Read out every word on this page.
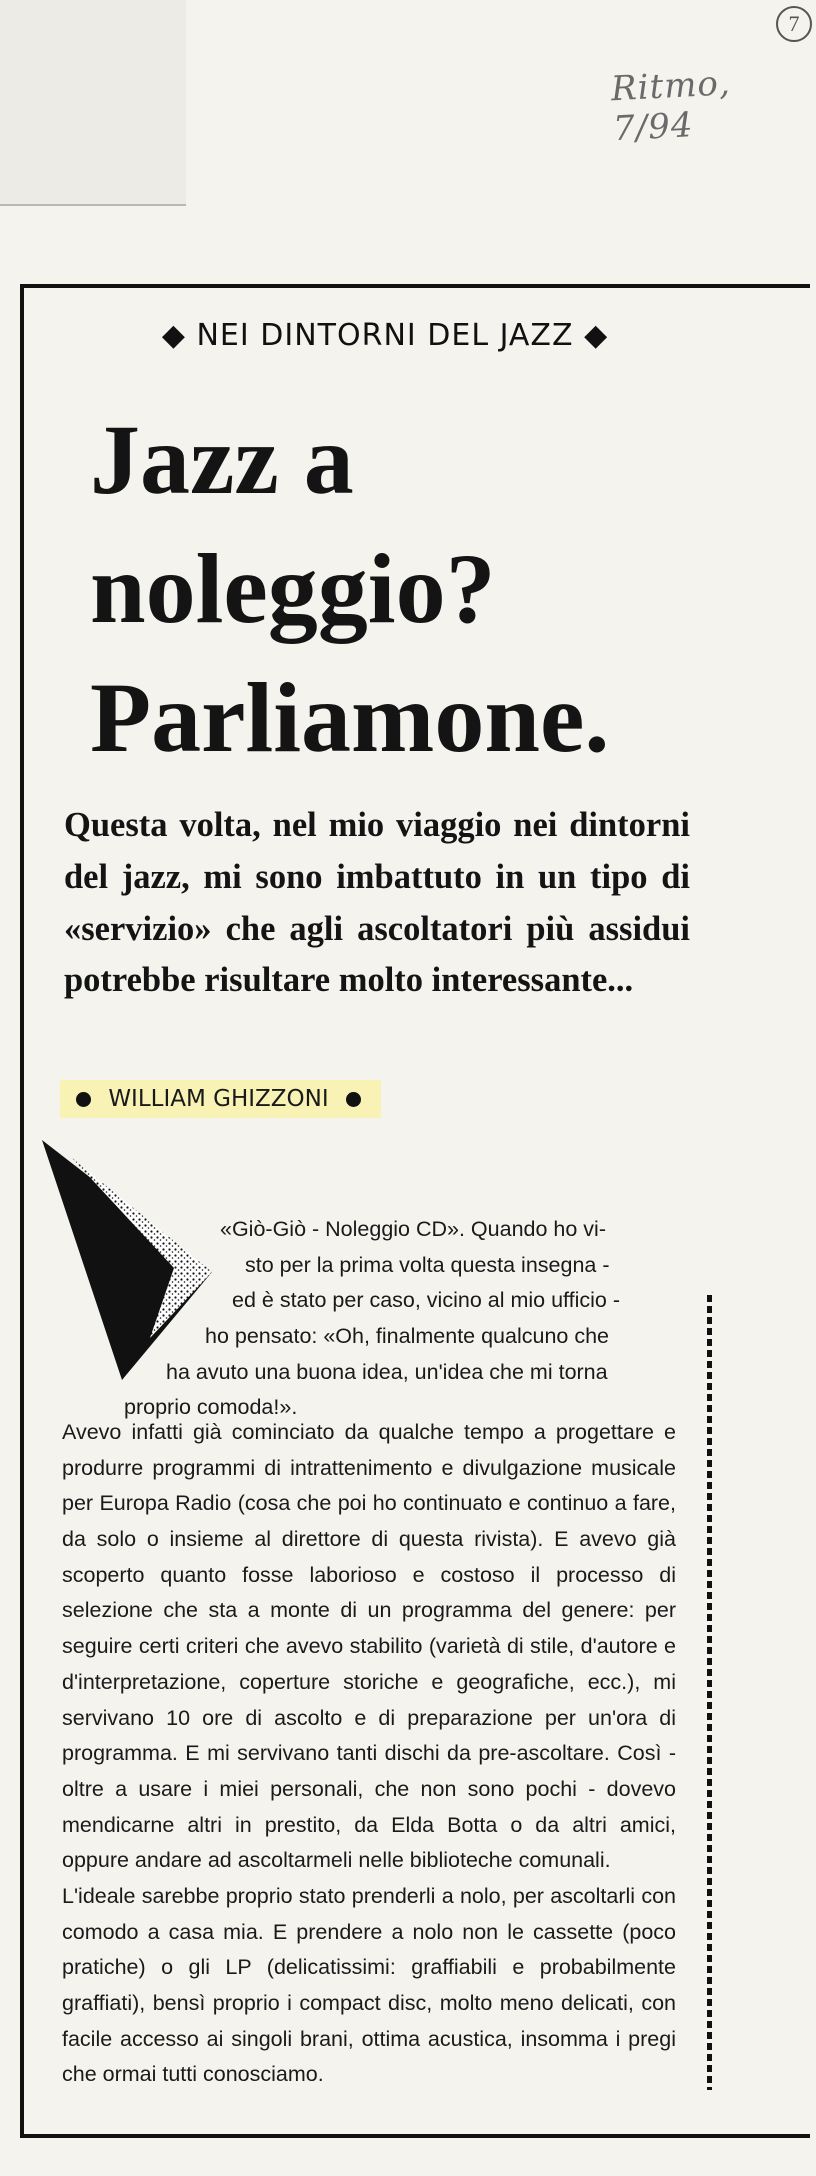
7
Ritmo, 7/94
◆ NEI DINTORNI DEL JAZZ ◆
Jazz a
noleggio?
Parliamone.

Questa volta, nel mio viaggio nei dintorni del jazz, mi sono imbattuto in un tipo di «servizio» che agli ascoltatori più assidui potrebbe risultare molto interessante...

WILLIAM GHIZZONI
«Giò-Giò - Noleggio CD». Quando ho vi-
sto per la prima volta questa insegna -
ed è stato per caso, vicino al mio ufficio -
ho pensato: «Oh, finalmente qualcuno che
ha avuto una buona idea, un'idea che mi torna
proprio comoda!».

Avevo infatti già cominciato da qualche tempo a progettare e produrre programmi di intrattenimento e divulgazione musicale per Europa Radio (cosa che poi ho continuato e continuo a fare, da solo o insieme al direttore di questa rivista). E avevo già scoperto quanto fosse laborioso e costoso il processo di selezione che sta a monte di un programma del genere: per seguire certi criteri che avevo stabilito (varietà di stile, d'autore e d'interpretazione, coperture storiche e geografiche, ecc.), mi servivano 10 ore di ascolto e di preparazione per un'ora di programma. E mi servivano tanti dischi da pre-ascoltare. Così - oltre a usare i miei personali, che non sono pochi - dovevo mendicarne altri in prestito, da Elda Botta o da altri amici, oppure andare ad ascoltarmeli nelle biblioteche comunali.

L'ideale sarebbe proprio stato prenderli a nolo, per ascoltarli con comodo a casa mia. E prendere a nolo non le cassette (poco pratiche) o gli LP (delicatissimi: graffiabili e probabilmente graffiati), bensì proprio i compact disc, molto meno delicati, con facile accesso ai singoli brani, ottima acustica, insomma i pregi che ormai tutti conosciamo.
